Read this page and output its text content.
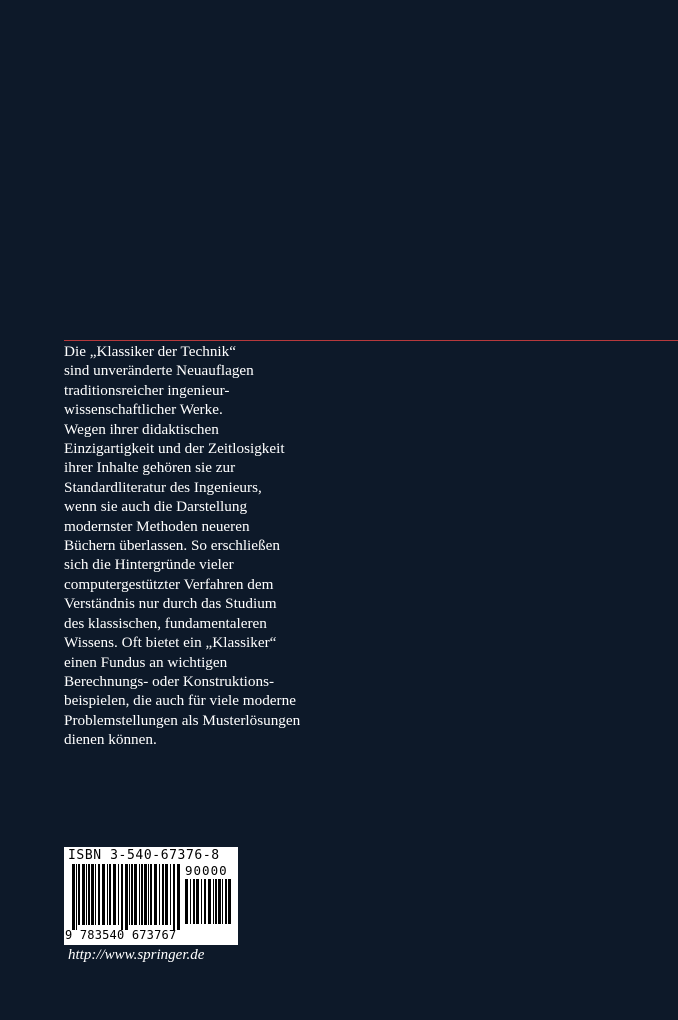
Die „Klassiker der Technik“
sind unveränderte Neuauflagen
traditionsreicher ingenieur-
wissenschaftlicher Werke.
Wegen ihrer didaktischen
Einzigartigkeit und der Zeitlosigkeit
ihrer Inhalte gehören sie zur
Standardliteratur des Ingenieurs,
wenn sie auch die Darstellung
modernster Methoden neueren
Büchern überlassen. So erschließen
sich die Hintergründe vieler
computergestützter Verfahren dem
Verständnis nur durch das Studium
des klassischen, fundamentaleren
Wissens. Oft bietet ein „Klassiker“
einen Fundus an wichtigen
Berechnungs- oder Konstruktions-
beispielen, die auch für viele moderne
Problemstellungen als Musterlösungen
dienen können.
ISBN 3-540-67376-8
90000
9 783540 673767
http://www.springer.de
